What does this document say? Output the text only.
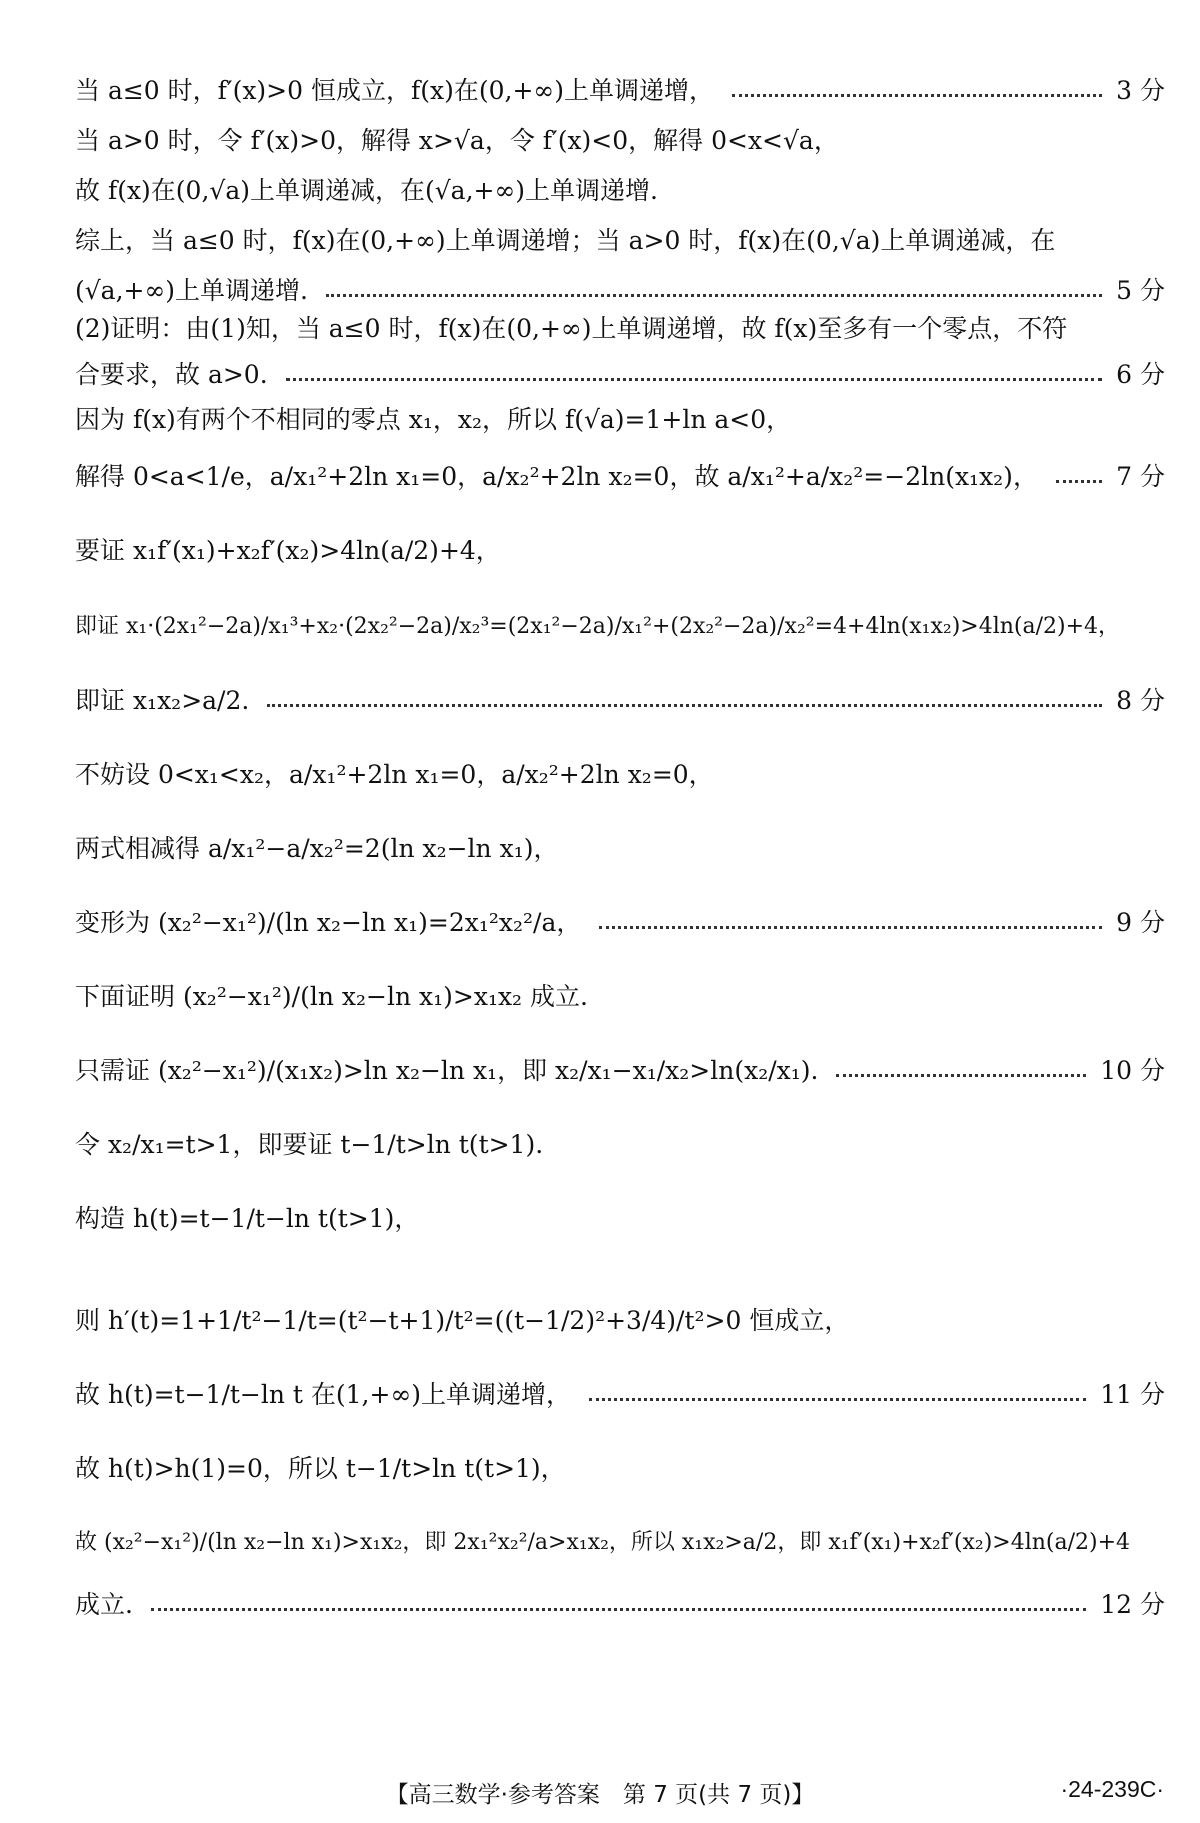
当 a≤0 时，f′(x)>0 恒成立，f(x)在(0,+∞)上单调递增，	3 分
当 a>0 时，令 f′(x)>0，解得 x>√a，令 f′(x)<0，解得 0<x<√a，
故 f(x)在(0,√a)上单调递减，在(√a,+∞)上单调递增.
综上，当 a≤0 时，f(x)在(0,+∞)上单调递增；当 a>0 时，f(x)在(0,√a)上单调递减，在
(√a,+∞)上单调递增.	5 分
(2)证明：由(1)知，当 a≤0 时，f(x)在(0,+∞)上单调递增，故 f(x)至多有一个零点，不符
合要求，故 a>0.	6 分
因为 f(x)有两个不相同的零点 x₁，x₂，所以 f(√a)=1+ln a<0，
解得 0<a<1/e，a/x₁²+2ln x₁=0，a/x₂²+2ln x₂=0，故 a/x₁²+a/x₂²=−2ln(x₁x₂)，	7 分
要证 x₁f′(x₁)+x₂f′(x₂)>4ln(a/2)+4，
即证 x₁·(2x₁²−2a)/x₁³+x₂·(2x₂²−2a)/x₂³=(2x₁²−2a)/x₁²+(2x₂²−2a)/x₂²=4+4ln(x₁x₂)>4ln(a/2)+4，
即证 x₁x₂>a/2.	8 分
不妨设 0<x₁<x₂，a/x₁²+2ln x₁=0，a/x₂²+2ln x₂=0，
两式相减得 a/x₁²−a/x₂²=2(ln x₂−ln x₁)，
变形为 (x₂²−x₁²)/(ln x₂−ln x₁)=2x₁²x₂²/a，	9 分
下面证明 (x₂²−x₁²)/(ln x₂−ln x₁)>x₁x₂ 成立.
只需证 (x₂²−x₁²)/(x₁x₂)>ln x₂−ln x₁，即 x₂/x₁−x₁/x₂>ln(x₂/x₁).	10 分
令 x₂/x₁=t>1，即要证 t−1/t>ln t(t>1).
构造 h(t)=t−1/t−ln t(t>1)，
则 h′(t)=1+1/t²−1/t=(t²−t+1)/t²=((t−1/2)²+3/4)/t²>0 恒成立，
故 h(t)=t−1/t−ln t 在(1,+∞)上单调递增，	11 分
故 h(t)>h(1)=0，所以 t−1/t>ln t(t>1)，
故 (x₂²−x₁²)/(ln x₂−ln x₁)>x₁x₂，即 2x₁²x₂²/a>x₁x₂，所以 x₁x₂>a/2，即 x₁f′(x₁)+x₂f′(x₂)>4ln(a/2)+4
成立.	12 分
【高三数学·参考答案　第 7 页(共 7 页)】	·24-239C·
